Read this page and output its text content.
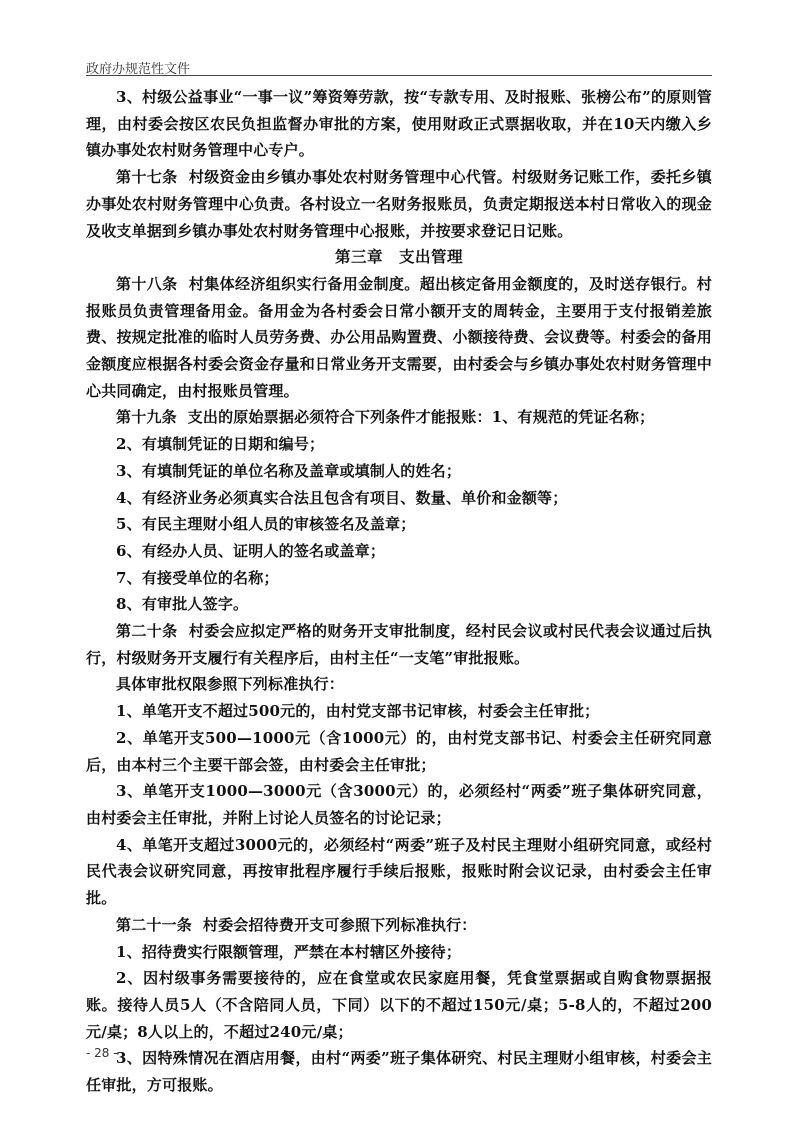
政府办规范性文件

3、村级公益事业“一事一议”筹资筹劳款，按“专款专用、及时报账、张榜公布”的原则管理，由村委会按区农民负担监督办审批的方案，使用财政正式票据收取，并在10天内缴入乡镇办事处农村财务管理中心专户。

第十七条 村级资金由乡镇办事处农村财务管理中心代管。村级财务记账工作，委托乡镇办事处农村财务管理中心负责。各村设立一名财务报账员，负责定期报送本村日常收入的现金及收支单据到乡镇办事处农村财务管理中心报账，并按要求登记日记账。

第三章　支出管理

第十八条 村集体经济组织实行备用金制度。超出核定备用金额度的，及时送存银行。村报账员负责管理备用金。备用金为各村委会日常小额开支的周转金，主要用于支付报销差旅费、按规定批准的临时人员劳务费、办公用品购置费、小额接待费、会议费等。村委会的备用金额度应根据各村委会资金存量和日常业务开支需要，由村委会与乡镇办事处农村财务管理中心共同确定，由村报账员管理。

第十九条 支出的原始票据必须符合下列条件才能报账：1、有规范的凭证名称；

2、有填制凭证的日期和编号；

3、有填制凭证的单位名称及盖章或填制人的姓名；

4、有经济业务必须真实合法且包含有项目、数量、单价和金额等；

5、有民主理财小组人员的审核签名及盖章；

6、有经办人员、证明人的签名或盖章；

7、有接受单位的名称；

8、有审批人签字。

第二十条 村委会应拟定严格的财务开支审批制度，经村民会议或村民代表会议通过后执行，村级财务开支履行有关程序后，由村主任“一支笔”审批报账。

具体审批权限参照下列标准执行：

1、单笔开支不超过500元的，由村党支部书记审核，村委会主任审批；

2、单笔开支500—1000元（含1000元）的，由村党支部书记、村委会主任研究同意后，由本村三个主要干部会签，由村委会主任审批；

3、单笔开支1000—3000元（含3000元）的，必须经村“两委”班子集体研究同意，由村委会主任审批，并附上讨论人员签名的讨论记录；

4、单笔开支超过3000元的，必须经村“两委”班子及村民主理财小组研究同意，或经村民代表会议研究同意，再按审批程序履行手续后报账，报账时附会议记录，由村委会主任审批。

第二十一条 村委会招待费开支可参照下列标准执行：

1、招待费实行限额管理，严禁在本村辖区外接待；

2、因村级事务需要接待的，应在食堂或农民家庭用餐，凭食堂票据或自购食物票据报账。接待人员5人（不含陪同人员，下同）以下的不超过150元/桌；5-8人的，不超过200元/桌；8人以上的，不超过240元/桌；

3、因特殊情况在酒店用餐，由村“两委”班子集体研究、村民主理财小组审核，村委会主任审批，方可报账。

- 28 -
